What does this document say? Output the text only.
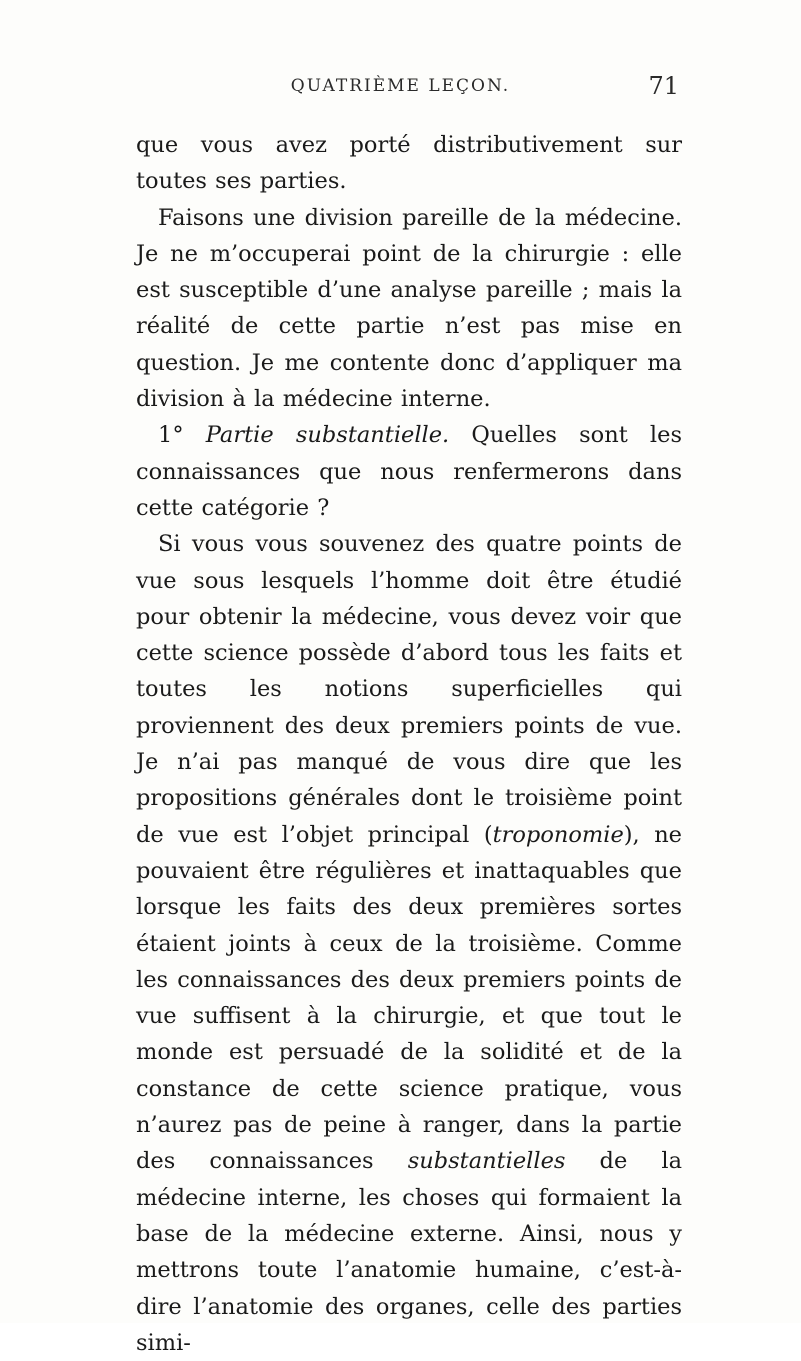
QUATRIÈME LEÇON.	71

que vous avez porté distributivement sur toutes ses parties.

Faisons une division pareille de la médecine. Je ne m’occuperai point de la chirurgie : elle est susceptible d’une analyse pareille ; mais la réalité de cette partie n’est pas mise en question. Je me contente donc d’appliquer ma division à la médecine interne.

1° Partie substantielle. Quelles sont les connaissances que nous renfermerons dans cette catégorie ?

Si vous vous souvenez des quatre points de vue sous lesquels l’homme doit être étudié pour obtenir la médecine, vous devez voir que cette science possède d’abord tous les faits et toutes les notions superficielles qui proviennent des deux premiers points de vue. Je n’ai pas manqué de vous dire que les propositions générales dont le troisième point de vue est l’objet principal (troponomie), ne pouvaient être régulières et inattaquables que lorsque les faits des deux premières sortes étaient joints à ceux de la troisième. Comme les connaissances des deux premiers points de vue suffisent à la chirurgie, et que tout le monde est persuadé de la solidité et de la constance de cette science pratique, vous n’aurez pas de peine à ranger, dans la partie des connaissances substantielles de la médecine interne, les choses qui formaient la base de la médecine externe. Ainsi, nous y mettrons toute l’anatomie humaine, c’est-à-dire l’anatomie des organes, celle des parties simi-
